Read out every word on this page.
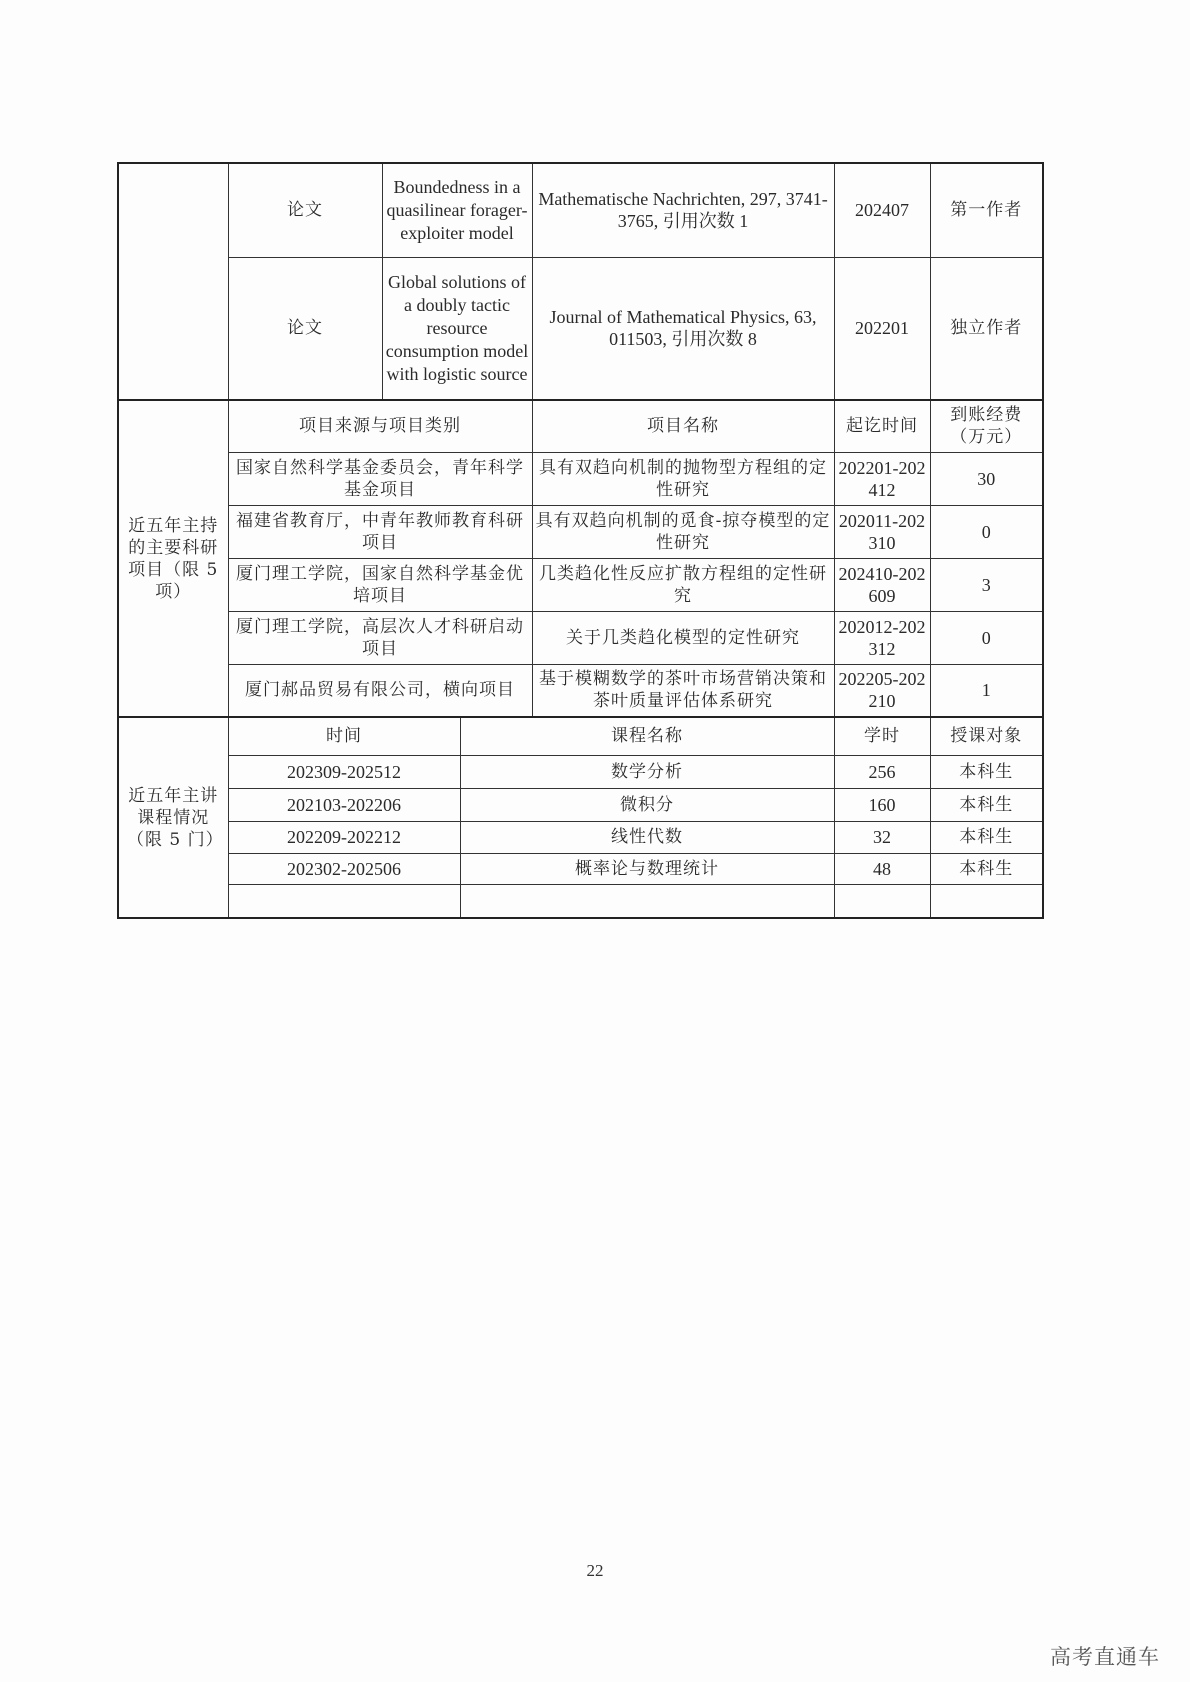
	论文	Boundedness in a quasilinear forager-exploiter model		Mathematische Nachrichten, 297, 3741-3765, 引用次数 1	202407	第一作者
	论文	Global solutions of a doubly tactic resource consumption model with logistic source		Journal of Mathematical Physics, 63, 011503, 引用次数 8	202201	独立作者
近五年主持的主要科研项目（限 5 项）	项目来源与项目类别			项目名称	起讫时间	到账经费（万元）
	国家自然科学基金委员会，青年科学基金项目			具有双趋向机制的抛物型方程组的定性研究	202201-202412	30
	福建省教育厅，中青年教师教育科研项目			具有双趋向机制的觅食-掠夺模型的定性研究	202011-202310	0
	厦门理工学院，国家自然科学基金优培项目			几类趋化性反应扩散方程组的定性研究	202410-202609	3
	厦门理工学院，高层次人才科研启动项目			关于几类趋化模型的定性研究	202012-202312	0
	厦门郝品贸易有限公司，横向项目			基于模糊数学的茶叶市场营销决策和茶叶质量评估体系研究	202205-202210	1
近五年主讲课程情况（限 5 门）	时间		课程名称		学时	授课对象
	202309-202512		数学分析		256	本科生
	202103-202206		微积分		160	本科生
	202209-202212		线性代数		32	本科生
	202302-202506		概率论与数理统计		48	本科生

22
高考直通车
